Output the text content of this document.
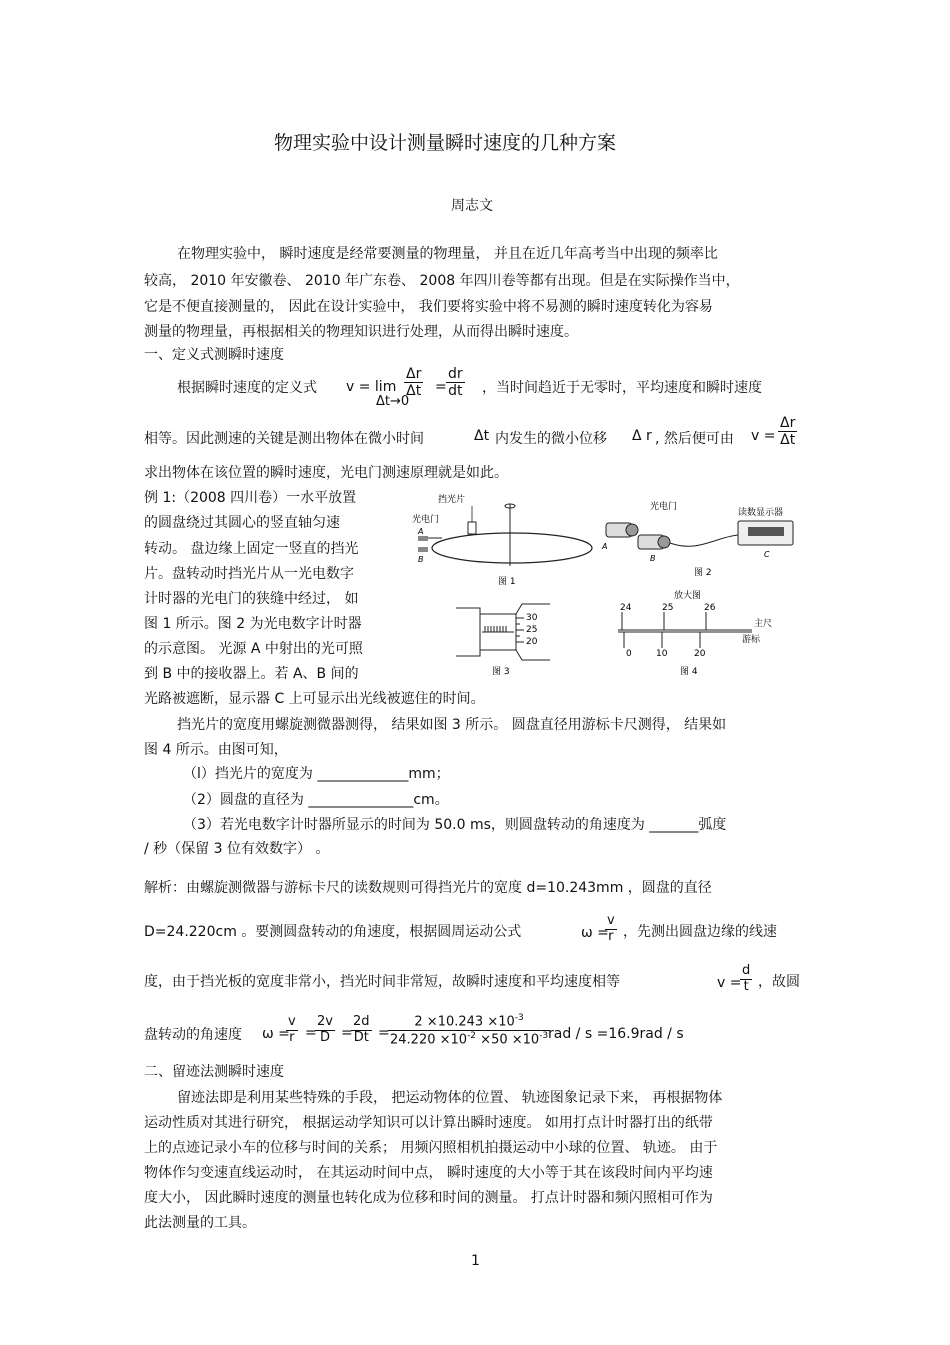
物理实验中设计测量瞬时速度的几种方案
周志文
在物理实验中， 瞬时速度是经常要测量的物理量， 并且在近几年高考当中出现的频率比
较高， 2010 年安徽卷、 2010 年广东卷、 2008 年四川卷等都有出现。但是在实际操作当中，
它是不便直接测量的， 因此在设计实验中， 我们要将实验中将不易测的瞬时速度转化为容易
测量的物理量，再根据相关的物理知识进行处理，从而得出瞬时速度。
一、定义式测瞬时速度
根据瞬时速度的定义式 v = lim
Δt→0
$\frac{\Delta r}{\Delta t} = \frac{dr}{dt}$ ，当时间趋近于无零时，平均速度和瞬时速度
相等。因此测速的关键是测出物体在微小时间	Δt 内发生的微小位移 Δ r , 然后便可由 $v = \frac{\Delta r}{\Delta t}$
求出物体在该位置的瞬时速度，光电门测速原理就是如此。
例 1:（2008 四川卷）一水平放置
的圆盘绕过其圆心的竖直轴匀速
转动。 盘边缘上固定一竖直的挡光
片。盘转动时挡光片从一光电数字
计时器的光电门的狭缝中经过， 如
图 1 所示。图 2 为光电数字计时器
的示意图。 光源 A 中射出的光可照
到 B 中的接收器上。若 A、B 间的
光路被遮断，显示器 C 上可显示出光线被遮住的时间。
挡光片
光电门
A
B
图 1
光电门
读数显示器
A
B	C
图 2
30
25
20
图 3
放大图
24	25	26
主尺
游标
0	10	20
图 4
挡光片的宽度用螺旋测微器测得， 结果如图 3 所示。 圆盘直径用游标卡尺测得， 结果如
图 4 所示。由图可知，
（l）挡光片的宽度为 _____________mm；
（2）圆盘的直径为 _______________cm。
（3）若光电数字计时器所显示的时间为 50.0 ms，则圆盘转动的角速度为 _______弧度
/ 秒（保留 3 位有效数字） 。
解析：由螺旋测微器与游标卡尺的读数规则可得挡光片的宽度 d=10.243mm ，圆盘的直径
D=24.220cm 。要测圆盘转动的角速度，根据圆周运动公式	ω =
$\frac{v}{r}$ ，先测出圆盘边缘的线速
度，由于挡光板的宽度非常小，挡光时间非常短，故瞬时速度和平均速度相等	v =
$\frac{d}{t}$ ，故圆
盘转动的角速度 ω =
$\frac{v}{r}$ =
$\frac{2v}{D}$ =
$\frac{2d}{Dt}$ =
$\frac{2 \times 10.243 \times 10^{-3}}{24.220 \times 10^{-2} \times 50 \times 10^{-3}}$
rad / s =16.9rad / s
二、留迹法测瞬时速度
留迹法即是利用某些特殊的手段， 把运动物体的位置、 轨迹图象记录下来， 再根据物体
运动性质对其进行研究， 根据运动学知识可以计算出瞬时速度。 如用打点计时器打出的纸带
上的点迹记录小车的位移与时间的关系； 用频闪照相机拍摄运动中小球的位置、 轨迹。 由于
物体作匀变速直线运动时， 在其运动时间中点， 瞬时速度的大小等于其在该段时间内平均速
度大小， 因此瞬时速度的测量也转化成为位移和时间的测量。 打点计时器和频闪照相可作为
此法测量的工具。
1
